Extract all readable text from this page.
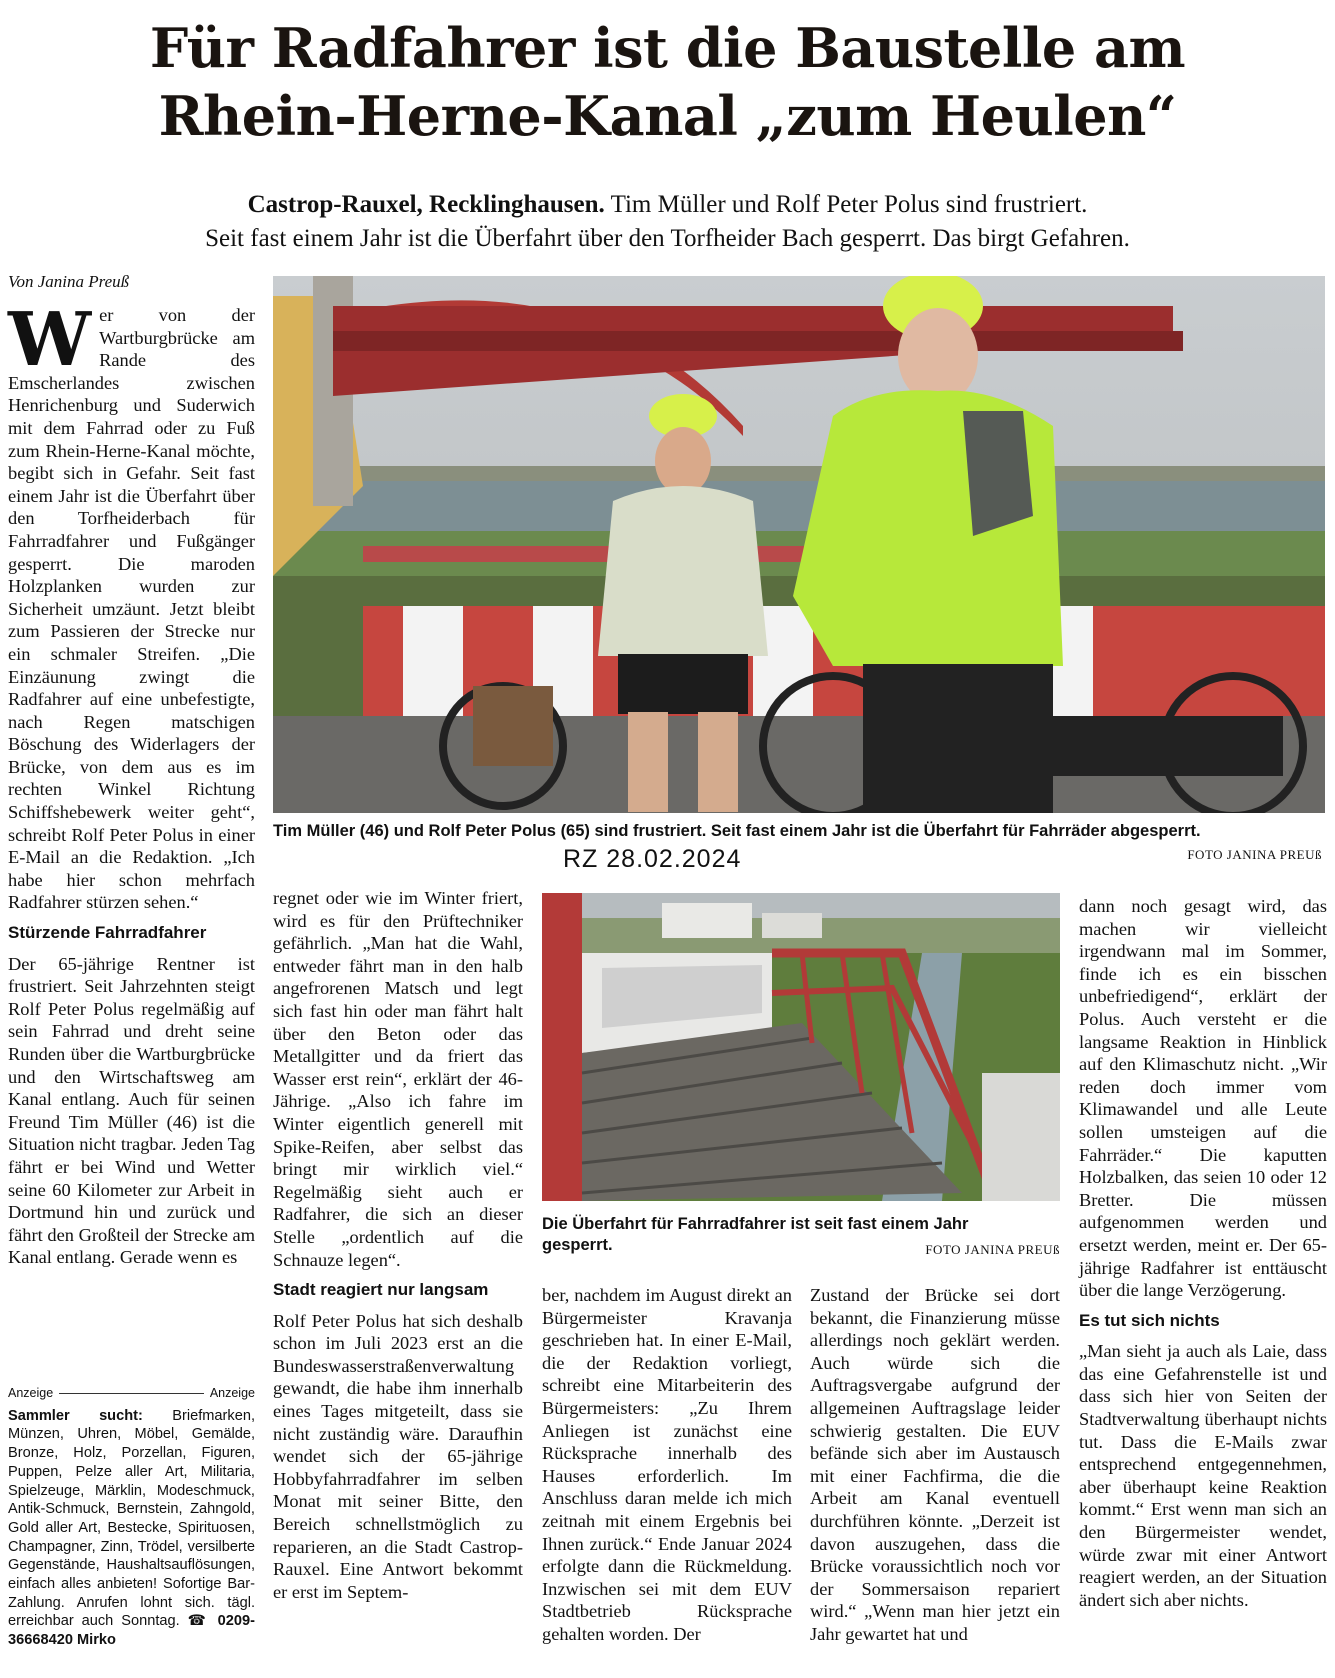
Für Radfahrer ist die Baustelle am
Rhein-Herne-Kanal „zum Heulen“
Castrop-Rauxel, Recklinghausen. Tim Müller und Rolf Peter Polus sind frustriert.
Seit fast einem Jahr ist die Überfahrt über den Torfheider Bach gesperrt. Das birgt Gefahren.
Von Janina Preuß

Wer von der Wartburgbrücke am Rande des Emscherlandes zwischen Henrichenburg und Suderwich mit dem Fahrrad oder zu Fuß zum Rhein-Herne-Kanal möchte, begibt sich in Gefahr. Seit fast einem Jahr ist die Überfahrt über den Torfheiderbach für Fahrradfahrer und Fußgänger gesperrt. Die maroden Holzplanken wurden zur Sicherheit umzäunt. Jetzt bleibt zum Passieren der Strecke nur ein schmaler Streifen. „Die Einzäunung zwingt die Radfahrer auf eine unbefestigte, nach Regen matschigen Böschung des Widerlagers der Brücke, von dem aus es im rechten Winkel Richtung Schiffshebewerk weiter geht“, schreibt Rolf Peter Polus in einer E-Mail an die Redaktion. „Ich habe hier schon mehrfach Radfahrer stürzen sehen.“

Stürzende Fahrradfahrer

Der 65-jährige Rentner ist frustriert. Seit Jahrzehnten steigt Rolf Peter Polus regelmäßig auf sein Fahrrad und dreht seine Runden über die Wartburgbrücke und den Wirtschaftsweg am Kanal entlang. Auch für seinen Freund Tim Müller (46) ist die Situation nicht tragbar. Jeden Tag fährt er bei Wind und Wetter seine 60 Kilometer zur Arbeit in Dortmund hin und zurück und fährt den Großteil der Strecke am Kanal entlang. Gerade wenn es

Anzeige	Anzeige
Sammler sucht: Briefmarken, Münzen, Uhren, Möbel, Gemälde, Bronze, Holz, Porzellan, Figuren, Puppen, Pelze aller Art, Militaria, Spielzeuge, Märklin, Modeschmuck, Antik-Schmuck, Bernstein, Zahngold, Gold aller Art, Bestecke, Spirituosen, Champagner, Zinn, Trödel, versilberte Gegenstände, Haushaltsauflösungen, einfach alles anbieten! Sofortige Bar-Zahlung. Anrufen lohnt sich. tägl. erreichbar auch Sonntag. ☎ 0209-36668420 Mirko
Tim Müller (46) und Rolf Peter Polus (65) sind frustriert. Seit fast einem Jahr ist die Überfahrt für Fahrräder abgesperrt.
FOTO JANINA PREUß
RZ 28.02.2024

regnet oder wie im Winter friert, wird es für den Prüftechniker gefährlich. „Man hat die Wahl, entweder fährt man in den halb angefrorenen Matsch und legt sich fast hin oder man fährt halt über den Beton oder das Metallgitter und da friert das Wasser erst rein“, erklärt der 46-Jährige. „Also ich fahre im Winter eigentlich generell mit Spike-Reifen, aber selbst das bringt mir wirklich viel.“ Regelmäßig sieht auch er Radfahrer, die sich an dieser Stelle „ordentlich auf die Schnauze legen“.

Stadt reagiert nur langsam

Rolf Peter Polus hat sich deshalb schon im Juli 2023 erst an die Bundeswasserstraßenverwaltung gewandt, die habe ihm innerhalb eines Tages mitgeteilt, dass sie nicht zuständig wäre. Daraufhin wendet sich der 65-jährige Hobbyfahrradfahrer im selben Monat mit seiner Bitte, den Bereich schnellstmöglich zu reparieren, an die Stadt Castrop-Rauxel. Eine Antwort bekommt er erst im Septem-

Die Überfahrt für Fahrradfahrer ist seit fast einem Jahr gesperrt.	FOTO JANINA PREUß

ber, nachdem im August direkt an Bürgermeister Kravanja geschrieben hat. In einer E-Mail, die der Redaktion vorliegt, schreibt eine Mitarbeiterin des Bürgermeisters: „Zu Ihrem Anliegen ist zunächst eine Rücksprache innerhalb des Hauses erforderlich. Im Anschluss daran melde ich mich zeitnah mit einem Ergebnis bei Ihnen zurück.“ Ende Januar 2024 erfolgte dann die Rückmeldung. Inzwischen sei mit dem EUV Stadtbetrieb Rücksprache gehalten worden. Der

Zustand der Brücke sei dort bekannt, die Finanzierung müsse allerdings noch geklärt werden. Auch würde sich die Auftragsvergabe aufgrund der allgemeinen Auftragslage leider schwierig gestalten. Die EUV befände sich aber im Austausch mit einer Fachfirma, die die Arbeit am Kanal eventuell durchführen könnte. „Derzeit ist davon auszugehen, dass die Brücke voraussichtlich noch vor der Sommersaison repariert wird.“ „Wenn man hier jetzt ein Jahr gewartet hat und

dann noch gesagt wird, das machen wir vielleicht irgendwann mal im Sommer, finde ich es ein bisschen unbefriedigend“, erklärt der Polus. Auch versteht er die langsame Reaktion in Hinblick auf den Klimaschutz nicht. „Wir reden doch immer vom Klimawandel und alle Leute sollen umsteigen auf die Fahrräder.“ Die kaputten Holzbalken, das seien 10 oder 12 Bretter. Die müssen aufgenommen werden und ersetzt werden, meint er. Der 65-jährige Radfahrer ist enttäuscht über die lange Verzögerung.

Es tut sich nichts

„Man sieht ja auch als Laie, dass das eine Gefahrenstelle ist und dass sich hier von Seiten der Stadtverwaltung überhaupt nichts tut. Dass die E-Mails zwar entsprechend entgegennehmen, aber überhaupt keine Reaktion kommt.“ Erst wenn man sich an den Bürgermeister wendet, würde zwar mit einer Antwort reagiert werden, an der Situation ändert sich aber nichts.
